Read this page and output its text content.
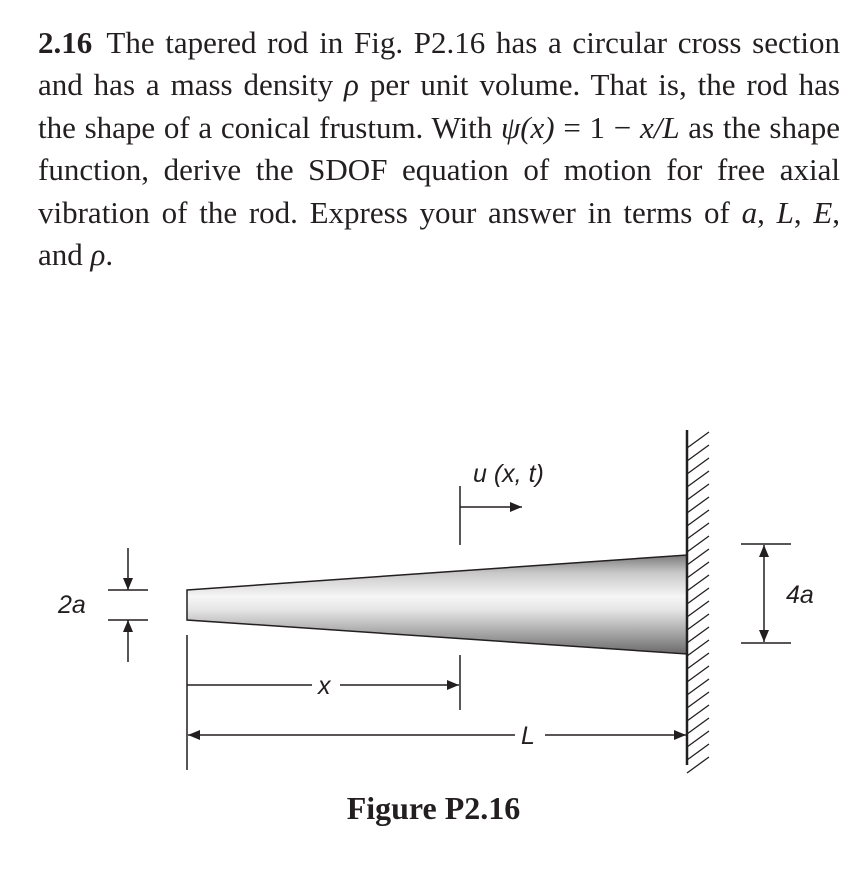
2.16 The tapered rod in Fig. P2.16 has a circular cross section and has a mass density ρ per unit volume. That is, the rod has the shape of a conical frustum. With ψ(x) = 1 − x/L as the shape function, derive the SDOF equation of motion for free axial vibration of the rod. Express your answer in terms of a, L, E, and ρ.

2a	4a
u (x, t)
x
L
Figure P2.16
